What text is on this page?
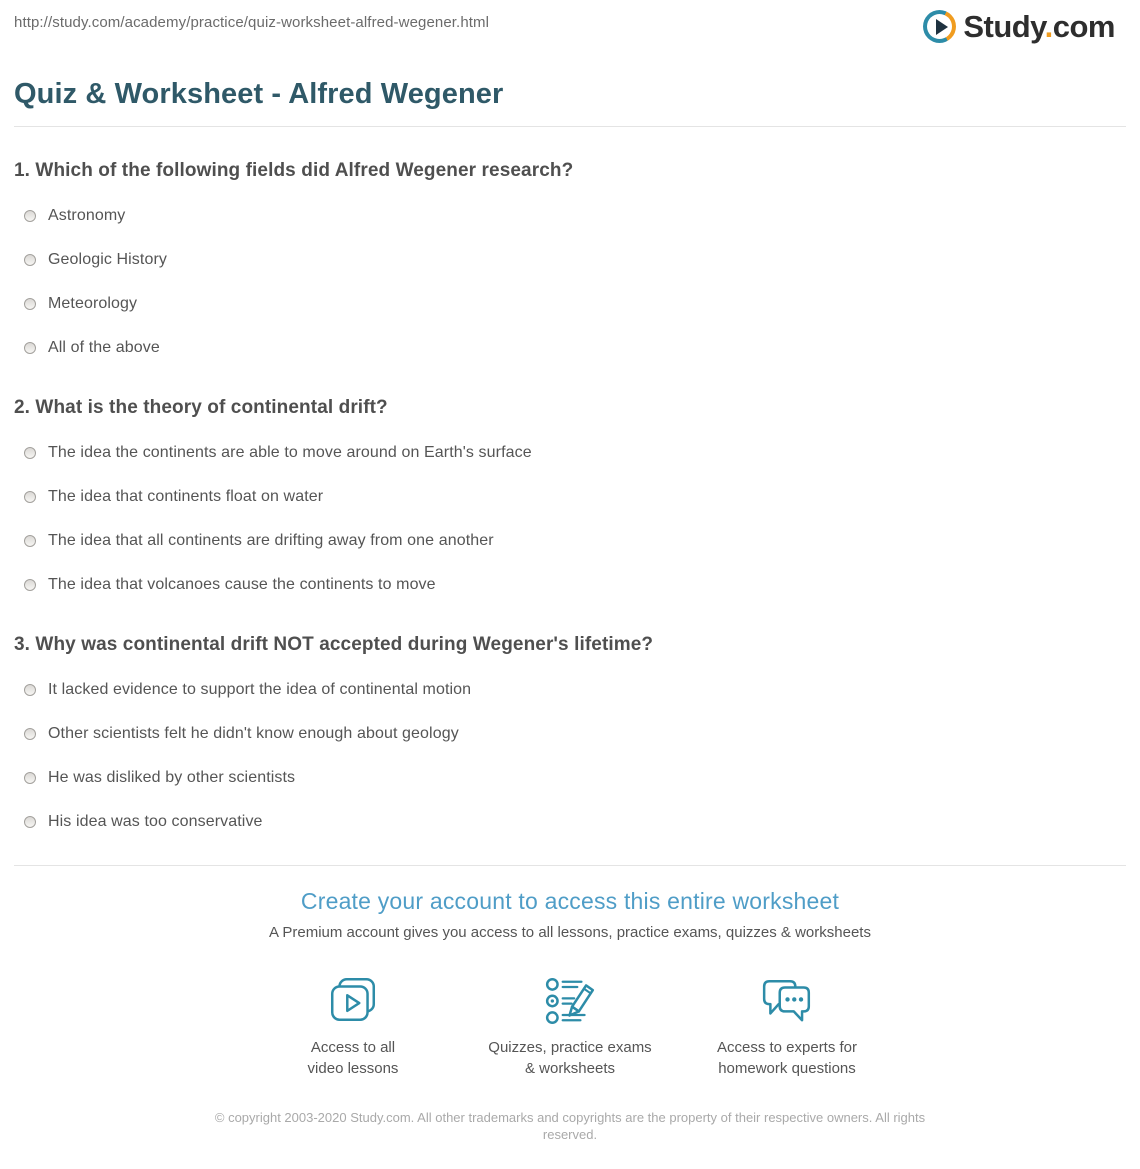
http://study.com/academy/practice/quiz-worksheet-alfred-wegener.html	Study.com
Quiz & Worksheet - Alfred Wegener
1. Which of the following fields did Alfred Wegener research?
Astronomy
Geologic History
Meteorology
All of the above
2. What is the theory of continental drift?
The idea the continents are able to move around on Earth's surface
The idea that continents float on water
The idea that all continents are drifting away from one another
The idea that volcanoes cause the continents to move
3. Why was continental drift NOT accepted during Wegener's lifetime?
It lacked evidence to support the idea of continental motion
Other scientists felt he didn't know enough about geology
He was disliked by other scientists
His idea was too conservative
Create your account to access this entire worksheet

A Premium account gives you access to all lessons, practice exams, quizzes & worksheets

Access to all
video lessons
Quizzes, practice exams
& worksheets
Access to experts for
homework questions

© copyright 2003-2020 Study.com. All other trademarks and copyrights are the property of their respective owners. All rights reserved.
